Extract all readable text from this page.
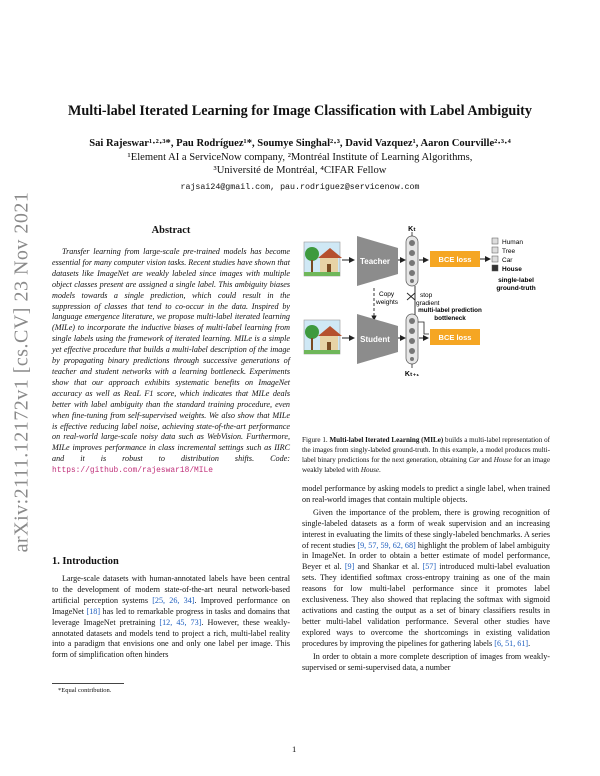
arXiv:2111.12172v1 [cs.CV] 23 Nov 2021
Multi-label Iterated Learning for Image Classification with Label Ambiguity
Sai Rajeswar¹·²·³*, Pau Rodríguez¹*, Soumye Singhal²·³, David Vazquez¹, Aaron Courville²·³·⁴
¹Element AI a ServiceNow company, ²Montréal Institute of Learning Algorithms,
³Université de Montréal, ⁴CIFAR Fellow
rajsai24@gmail.com, pau.rodriguez@servicenow.com
Abstract
Transfer learning from large-scale pre-trained models has become essential for many computer vision tasks. Recent studies have shown that datasets like ImageNet are weakly labeled since images with multiple object classes present are assigned a single label. This ambiguity biases models towards a single prediction, which could result in the suppression of classes that tend to co-occur in the data. Inspired by language emergence literature, we propose multi-label iterated learning (MILe) to incorporate the inductive biases of multi-label learning from single labels using the framework of iterated learning. MILe is a simple yet effective procedure that builds a multi-label description of the image by propagating binary predictions through successive generations of teacher and student networks with a learning bottleneck. Experiments show that our approach exhibits systematic benefits on ImageNet accuracy as well as ReaL F1 score, which indicates that MILe deals better with label ambiguity than the standard training procedure, even when fine-tuning from self-supervised weights. We also show that MILe is effective reducing label noise, achieving state-of-the-art performance on real-world large-scale noisy data such as WebVision. Furthermore, MILe improves performance in class incremental settings such as IIRC and it is robust to distribution shifts. Code: https://github.com/rajeswar18/MILe
1. Introduction
Large-scale datasets with human-annotated labels have been central to the development of modern state-of-the-art neural network-based artificial perception systems [25, 26, 34]. Improved performance on ImageNet [18] has led to remarkable progress in tasks and domains that leverage ImageNet pretraining [12, 45, 73]. However, these weakly-annotated datasets and models tend to project a rich, multi-label reality into a paradigm that envisions one and only one label per image. This form of simplification often hinders
*Equal contribution.
1
Teacher
Kₜ
BCE loss
Human
Tree
Car
House
single-label
ground-truth
Copy
weights
stop
gradient
multi-label prediction
bottleneck
Student
Kₜ₊₁
BCE loss
Figure 1. Multi-label Iterated Learning (MILe) builds a multi-label representation of the images from singly-labeled ground-truth. In this example, a model produces multi-label binary predictions for the next generation, obtaining Car and House for an image weakly labeled with House.

model performance by asking models to predict a single label, when trained on real-world images that contain multiple objects.

Given the importance of the problem, there is growing recognition of single-labeled datasets as a form of weak supervision and an increasing interest in evaluating the limits of these singly-labeled benchmarks. A series of recent studies [9, 57, 59, 62, 68] highlight the problem of label ambiguity in ImageNet. In order to obtain a better estimate of model performance, Beyer et al. [9] and Shankar et al. [57] introduced multi-label evaluation sets. They identified softmax cross-entropy training as one of the main reasons for low multi-label performance since it promotes label exclusiveness. They also showed that replacing the softmax with sigmoid activations and casting the output as a set of binary classifiers results in better multi-label validation performance. Several other studies have explored ways to overcome the shortcomings in existing validation procedures by improving the pipelines for gathering labels [6, 51, 61].

In order to obtain a more complete description of images from weakly-supervised or semi-supervised data, a number
